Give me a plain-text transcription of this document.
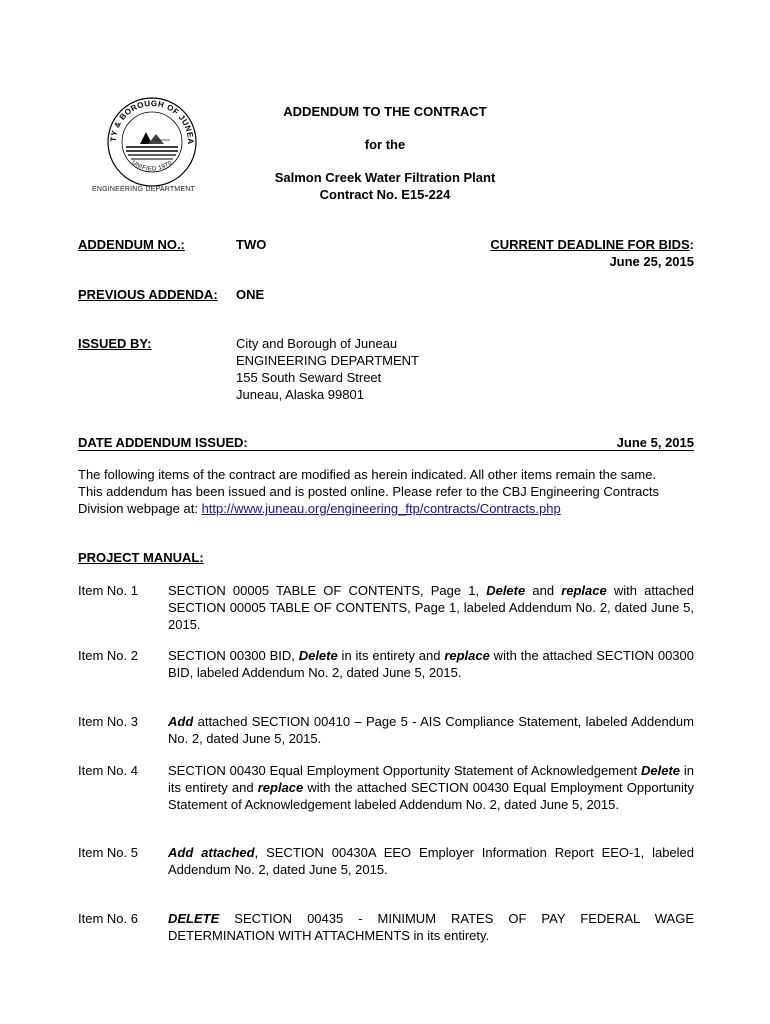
TY & BOROUGH OF JUNEA
UNIFIED 1970
ENGINEERING DEPARTMENT
ADDENDUM TO THE CONTRACT
for the
Salmon Creek Water Filtration Plant
Contract No. E15-224
ADDENDUM NO.:	TWO	CURRENT DEADLINE FOR BIDS:
June 25, 2015
PREVIOUS ADDENDA: ONE
ISSUED BY:	City and Borough of Juneau
ENGINEERING DEPARTMENT
155 South Seward Street
Juneau, Alaska 99801
DATE ADDENDUM ISSUED:	June 5, 2015
The following items of the contract are modified as herein indicated. All other items remain the same.
This addendum has been issued and is posted online. Please refer to the CBJ Engineering Contracts
Division webpage at: http://www.juneau.org/engineering_ftp/contracts/Contracts.php
PROJECT MANUAL:
Item No. 1 SECTION 00005 TABLE OF CONTENTS, Page 1, Delete and replace with attached SECTION 00005 TABLE OF CONTENTS, Page 1, labeled Addendum No. 2, dated June 5, 2015.
Item No. 2 SECTION 00300 BID, Delete in its entirety and replace with the attached SECTION 00300 BID, labeled Addendum No. 2, dated June 5, 2015.
Item No. 3 Add attached SECTION 00410 – Page 5 - AIS Compliance Statement, labeled Addendum No. 2, dated June 5, 2015.
Item No. 4 SECTION 00430 Equal Employment Opportunity Statement of Acknowledgement Delete in its entirety and replace with the attached SECTION 00430 Equal Employment Opportunity Statement of Acknowledgement labeled Addendum No. 2, dated June 5, 2015.
Item No. 5 Add attached, SECTION 00430A EEO Employer Information Report EEO-1, labeled Addendum No. 2, dated June 5, 2015.
Item No. 6 DELETE SECTION 00435 - MINIMUM RATES OF PAY FEDERAL WAGE DETERMINATION WITH ATTACHMENTS in its entirety.
